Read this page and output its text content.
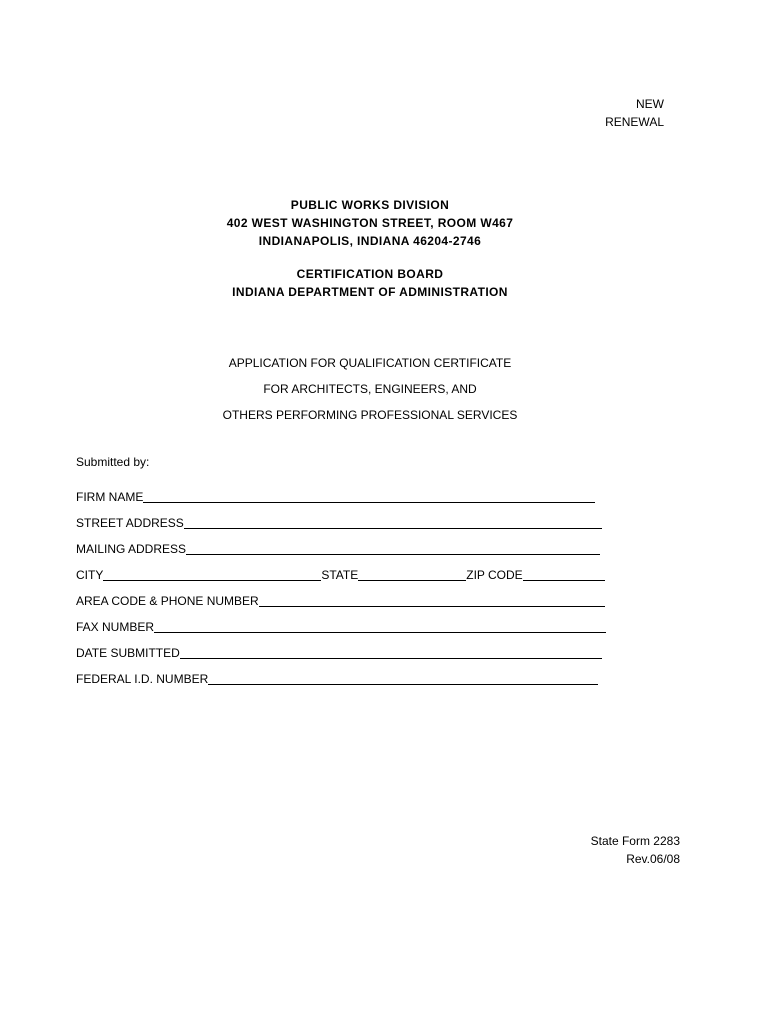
NEW
RENEWAL
PUBLIC WORKS DIVISION
402 WEST WASHINGTON STREET, ROOM W467
INDIANAPOLIS, INDIANA 46204-2746
CERTIFICATION BOARD
INDIANA DEPARTMENT OF ADMINISTRATION
APPLICATION FOR QUALIFICATION CERTIFICATE
FOR ARCHITECTS, ENGINEERS, AND
OTHERS PERFORMING PROFESSIONAL SERVICES
Submitted by:
FIRM NAME
STREET ADDRESS
MAILING ADDRESS
CITY	STATE	ZIP CODE
AREA CODE & PHONE NUMBER
FAX NUMBER
DATE SUBMITTED
FEDERAL I.D. NUMBER
State Form 2283
Rev.06/08
